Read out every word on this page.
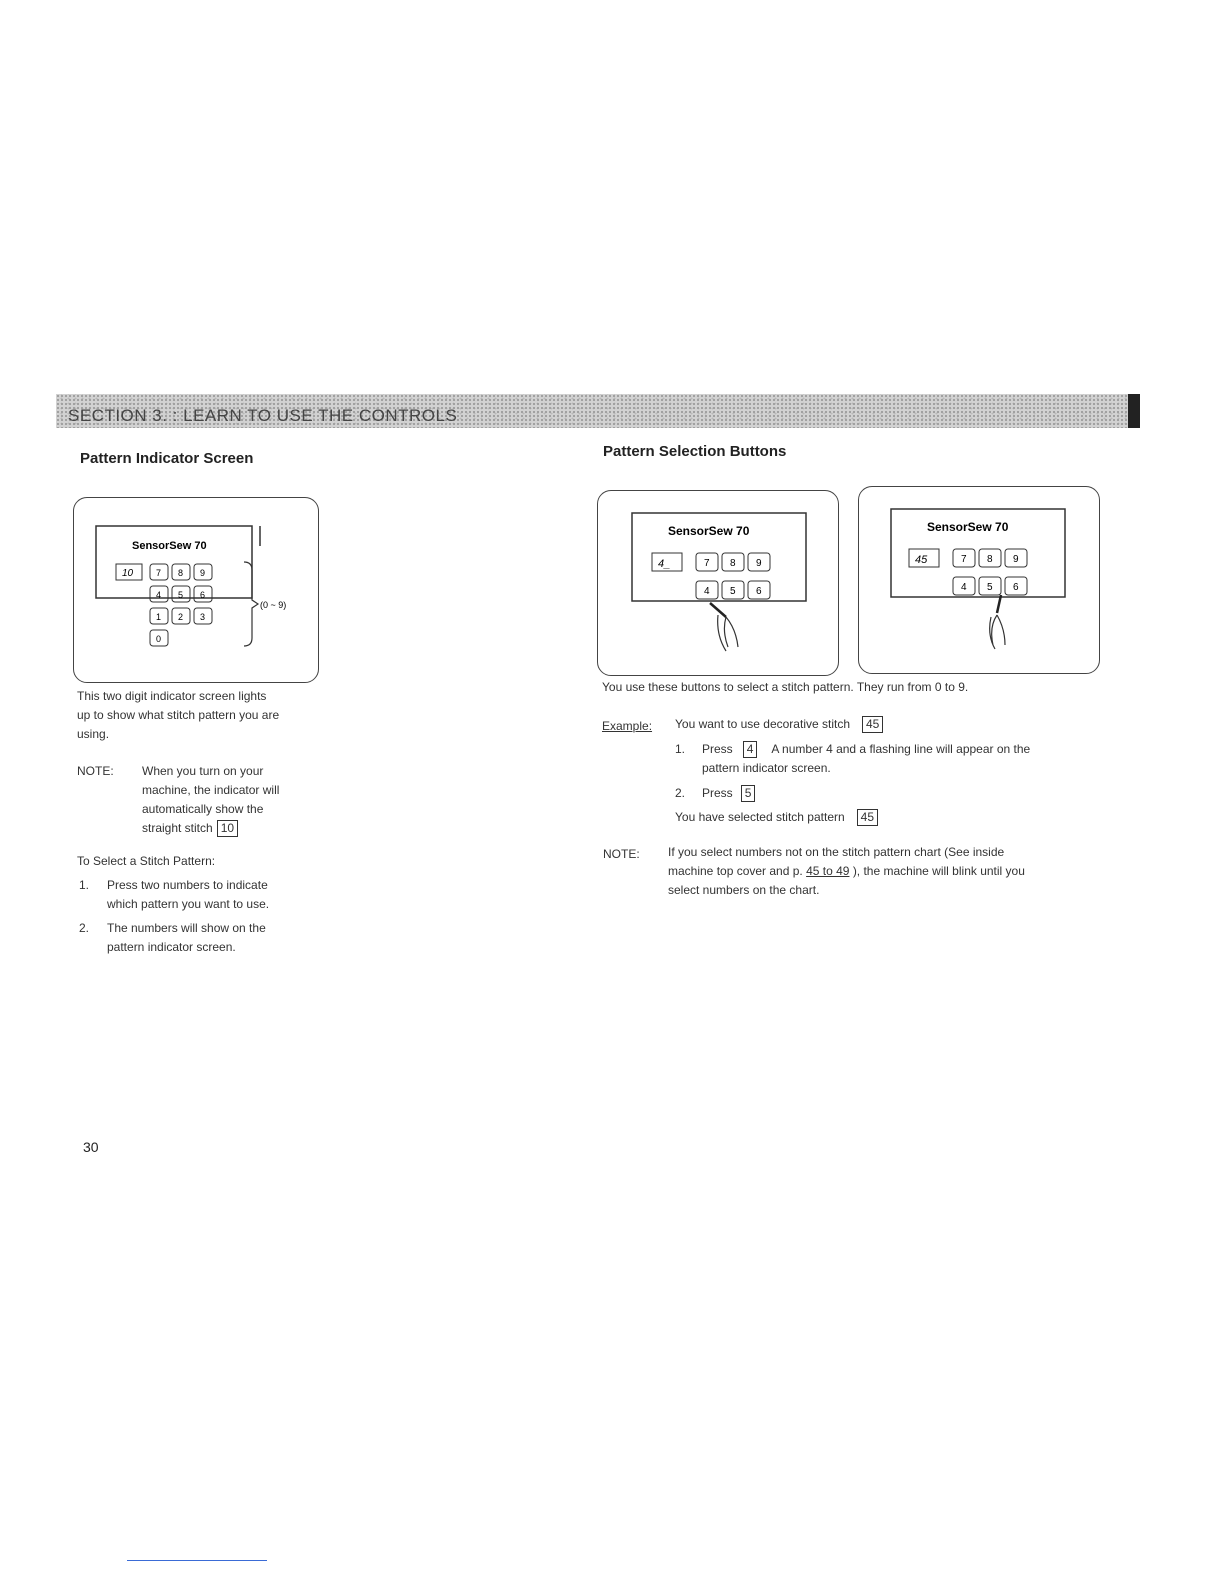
SECTION 3. : LEARN TO USE THE CONTROLS
Pattern Indicator Screen
SensorSew 70
10	7 8 9
4 5 6
1 2 3
0
(0 ~ 9)
This two digit indicator screen lights
up to show what stitch pattern you are
using.
NOTE: When you turn on your
machine, the indicator will
automatically show the
straight stitch 10
To Select a Stitch Pattern:
1. Press two numbers to indicate
which pattern you want to use.
2. The numbers will show on the
pattern indicator screen.
Pattern Selection Buttons
SensorSew 70
4_	7 8 9
4 5 6
SensorSew 70
45	7 8 9
4 5 6
You use these buttons to select a stitch pattern. They run from 0 to 9.
Example: You want to use decorative stitch 45
1. Press 4 A number 4 and a flashing line will appear on the
pattern indicator screen.
2. Press 5
You have selected stitch pattern 45
NOTE: If you select numbers not on the stitch pattern chart (See inside
machine top cover and p. 45 to 49 ), the machine will blink until you
select numbers on the chart.
30
